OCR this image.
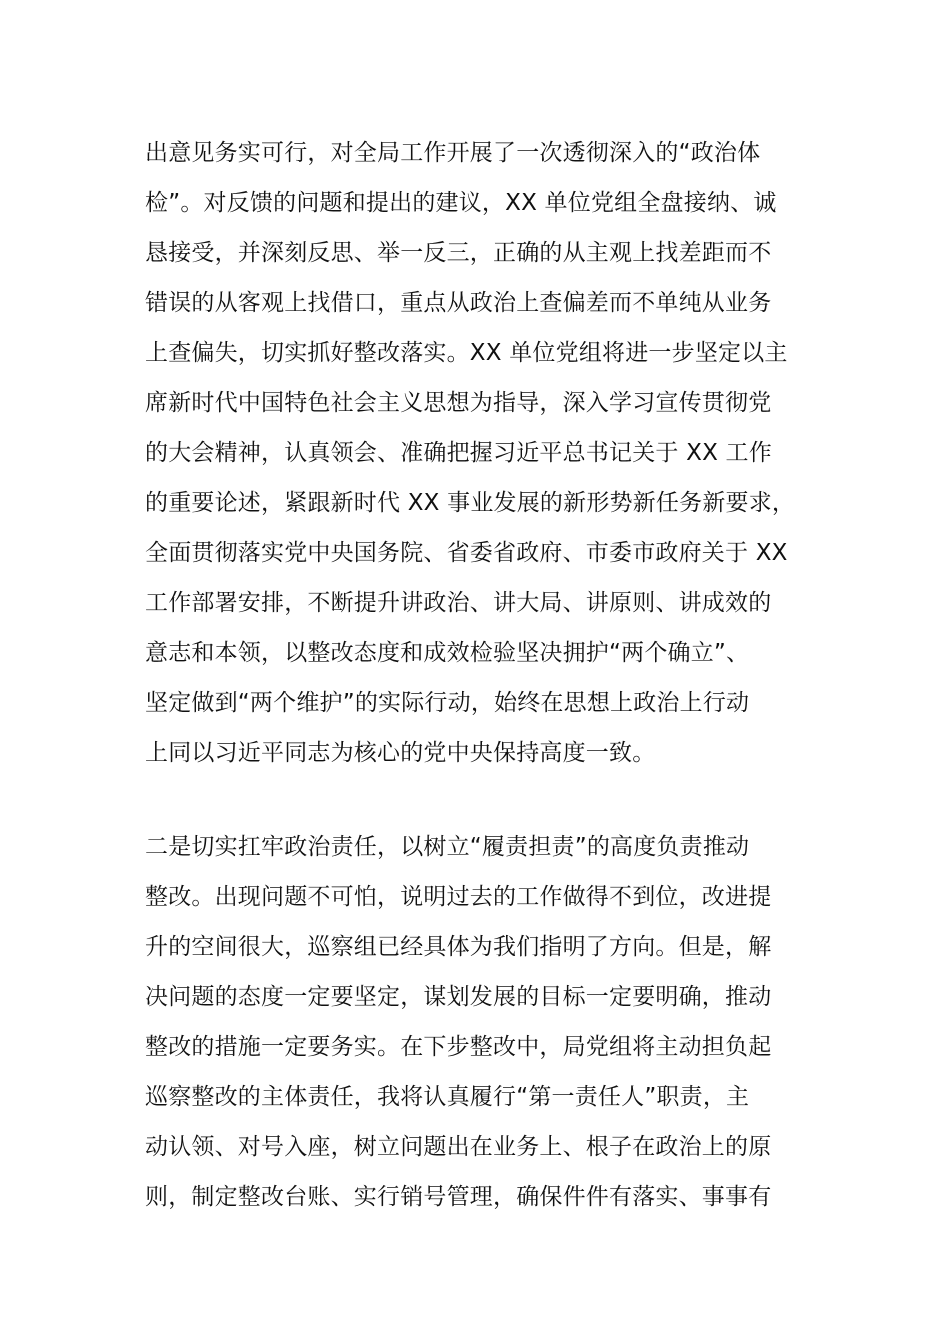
出意见务实可行，对全局工作开展了一次透彻深入的“政治体
检”。对反馈的问题和提出的建议，XX 单位党组全盘接纳、诚
恳接受，并深刻反思、举一反三，正确的从主观上找差距而不
错误的从客观上找借口，重点从政治上查偏差而不单纯从业务
上查偏失，切实抓好整改落实。XX 单位党组将进一步坚定以主
席新时代中国特色社会主义思想为指导，深入学习宣传贯彻党
的大会精神，认真领会、准确把握习近平总书记关于 XX 工作
的重要论述，紧跟新时代 XX 事业发展的新形势新任务新要求，
全面贯彻落实党中央国务院、省委省政府、市委市政府关于 XX
工作部署安排，不断提升讲政治、讲大局、讲原则、讲成效的
意志和本领，以整改态度和成效检验坚决拥护“两个确立”、
坚定做到“两个维护”的实际行动，始终在思想上政治上行动
上同以习近平同志为核心的党中央保持高度一致。
二是切实扛牢政治责任，以树立“履责担责”的高度负责推动
整改。出现问题不可怕，说明过去的工作做得不到位，改进提
升的空间很大，巡察组已经具体为我们指明了方向。但是，解
决问题的态度一定要坚定，谋划发展的目标一定要明确，推动
整改的措施一定要务实。在下步整改中，局党组将主动担负起
巡察整改的主体责任，我将认真履行“第一责任人”职责，主
动认领、对号入座，树立问题出在业务上、根子在政治上的原
则，制定整改台账、实行销号管理，确保件件有落实、事事有
